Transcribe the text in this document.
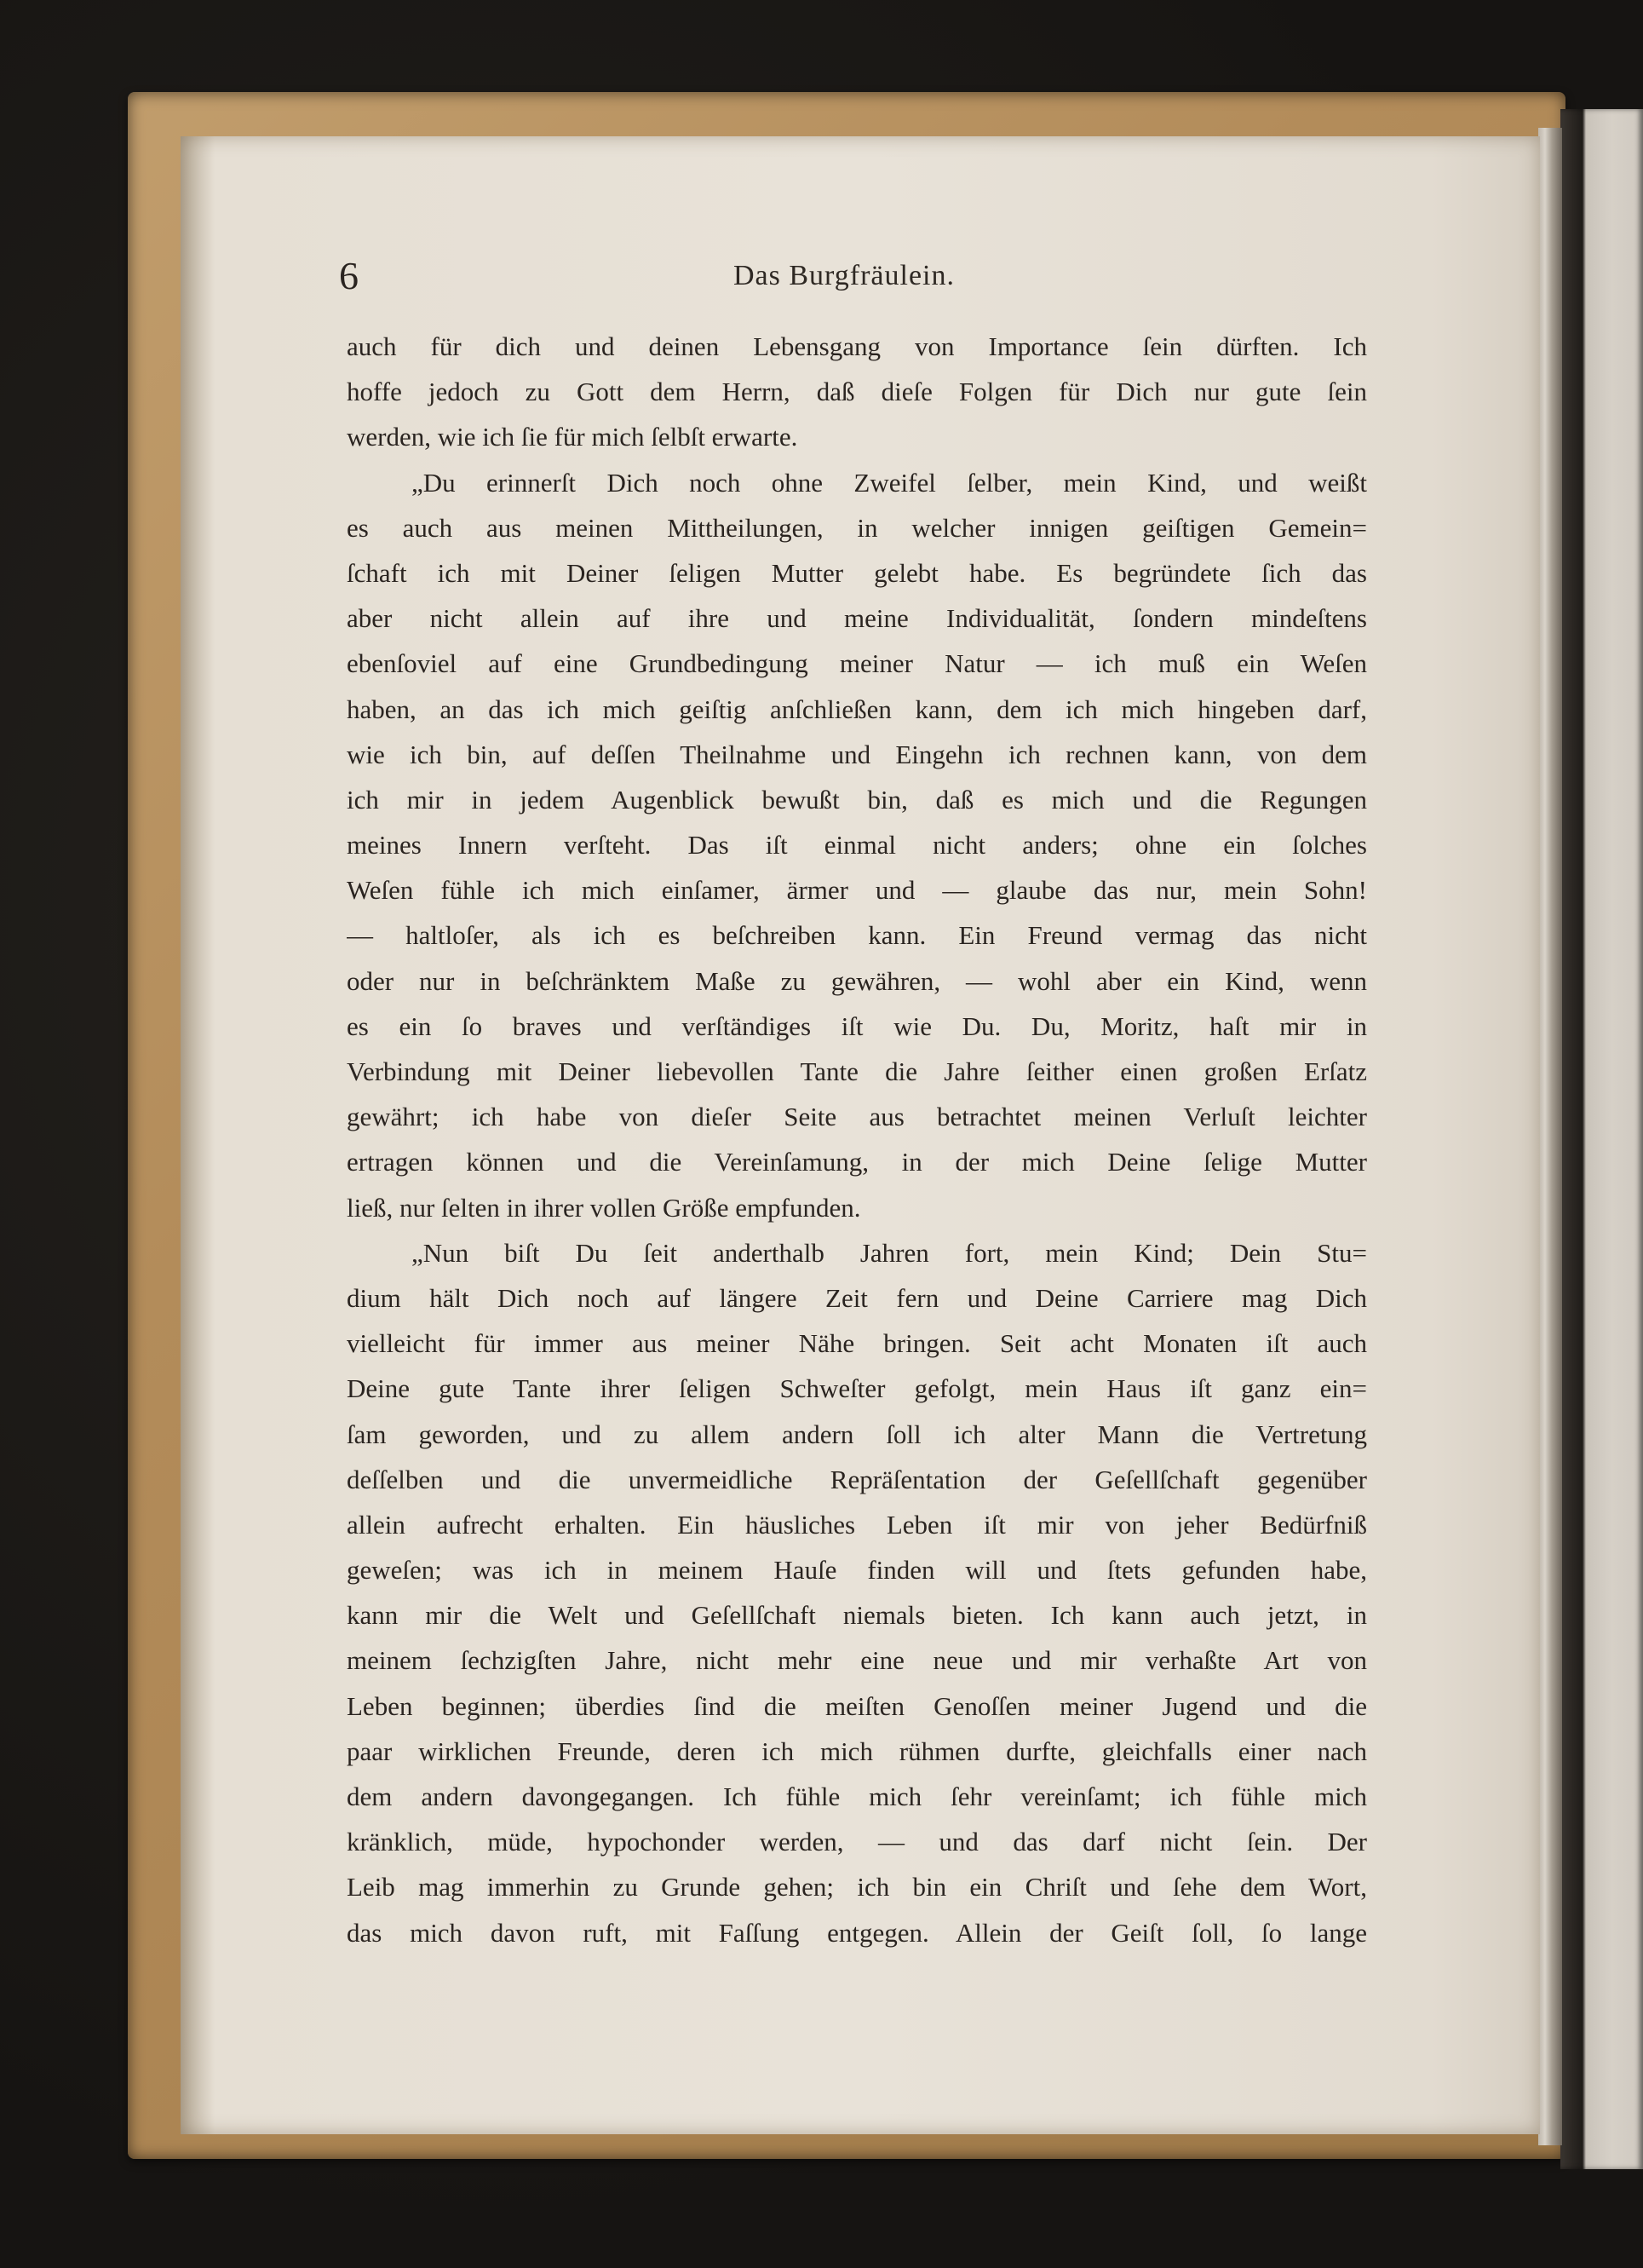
6	Das Burgfräulein.
auch für dich und deinen Lebensgang von Importance ſein dürften. Ich
hoffe jedoch zu Gott dem Herrn, daß dieſe Folgen für Dich nur gute ſein
werden, wie ich ſie für mich ſelbſt erwarte.
„Du erinnerſt Dich noch ohne Zweifel ſelber, mein Kind, und weißt
es auch aus meinen Mittheilungen, in welcher innigen geiſtigen Gemein=
ſchaft ich mit Deiner ſeligen Mutter gelebt habe. Es begründete ſich das
aber nicht allein auf ihre und meine Individualität, ſondern mindeſtens
ebenſoviel auf eine Grundbedingung meiner Natur — ich muß ein Weſen
haben, an das ich mich geiſtig anſchließen kann, dem ich mich hingeben darf,
wie ich bin, auf deſſen Theilnahme und Eingehn ich rechnen kann, von dem
ich mir in jedem Augenblick bewußt bin, daß es mich und die Regungen
meines Innern verſteht. Das iſt einmal nicht anders; ohne ein ſolches
Weſen fühle ich mich einſamer, ärmer und — glaube das nur, mein Sohn!
— haltloſer, als ich es beſchreiben kann. Ein Freund vermag das nicht
oder nur in beſchränktem Maße zu gewähren, — wohl aber ein Kind, wenn
es ein ſo braves und verſtändiges iſt wie Du. Du, Moritz, haſt mir in
Verbindung mit Deiner liebevollen Tante die Jahre ſeither einen großen Erſatz
gewährt; ich habe von dieſer Seite aus betrachtet meinen Verluſt leichter
ertragen können und die Vereinſamung, in der mich Deine ſelige Mutter
ließ, nur ſelten in ihrer vollen Größe empfunden.
„Nun biſt Du ſeit anderthalb Jahren fort, mein Kind; Dein Stu=
dium hält Dich noch auf längere Zeit fern und Deine Carriere mag Dich
vielleicht für immer aus meiner Nähe bringen. Seit acht Monaten iſt auch
Deine gute Tante ihrer ſeligen Schweſter gefolgt, mein Haus iſt ganz ein=
ſam geworden, und zu allem andern ſoll ich alter Mann die Vertretung
deſſelben und die unvermeidliche Repräſentation der Geſellſchaft gegenüber
allein aufrecht erhalten. Ein häusliches Leben iſt mir von jeher Bedürfniß
geweſen; was ich in meinem Hauſe finden will und ſtets gefunden habe,
kann mir die Welt und Geſellſchaft niemals bieten. Ich kann auch jetzt, in
meinem ſechzigſten Jahre, nicht mehr eine neue und mir verhaßte Art von
Leben beginnen; überdies ſind die meiſten Genoſſen meiner Jugend und die
paar wirklichen Freunde, deren ich mich rühmen durfte, gleichfalls einer nach
dem andern davongegangen. Ich fühle mich ſehr vereinſamt; ich fühle mich
kränklich, müde, hypochonder werden, — und das darf nicht ſein. Der
Leib mag immerhin zu Grunde gehen; ich bin ein Chriſt und ſehe dem Wort,
das mich davon ruft, mit Faſſung entgegen. Allein der Geiſt ſoll, ſo lange
